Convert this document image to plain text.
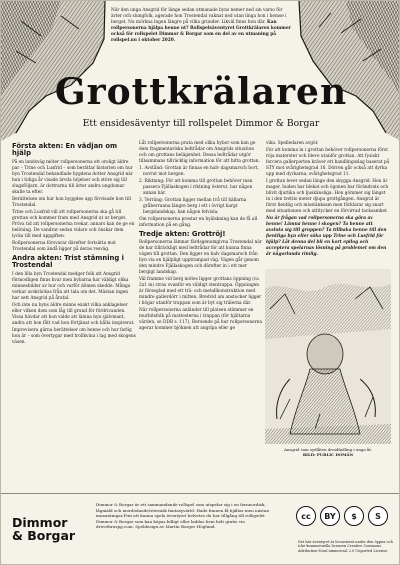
När den unga Ansgrid för länge sedan utmanade byns nemer ned sin varso för ärter och slungfolk, agerade hon Trostendal vaknat ned utan linga hon i hemse i berget. Nu mörkna ingen längre på vilka grunder. Likväl finns hon där. Kan rollpersonerna hjälpa henne ut? Rollspelsäventyret Grottkrälaren kommer också för rollspelet Dimmor & Borgar som en del av en utmaning på rollspel.nu i oktober 2020.
Grottkrälaren
Ett ensidesäventyr till rollspelet Dimmor & Borgar
Första akten: En vädjan om hjälp

På en landsväg möter rollpersonerna ett oroligt äldre par – Trine och Lusfrid – som berättar historien om hur byn Trostendal behandlade bygdens dotter Ansgrid när hon i tidiga år visade ärvda höjelser och störe sig till slugsföljarn, är dottrarna till ärter andra ungdomar skulle ta efter.

Berättelsen om hur hon byggdes upp förvisade hon till Trostendal.

Trine och Lusfrid vill att rollpersonerna ska gå till grottan och kommer fram med Ansgrid ut ur berget. Pröva tid att rollpersonerna tvekar, annars kan de ge en belöning. De vandrar sedan vidare och önskar dem lycka till med uppgiften.

Rollpersonerna försvarar därefter fortsätta mot Trostendal som ändå ligger på deras resväg.

Andra akten: Trist stämning i Trostendal

I den lilla byn Trostendal medger folk att Ansgrid förmodligen finns kvar men bybarna har väldigt olika minnesbilder av hur och varför dömen skedde. Många verkar avskräckas från att tala om det. Mästan ingen har sett Ansgrid på åratal.

Och inte nu byns äldre minns exakt vilka anklagelser eller vilken dom som låg till grund för fördrivanden. Vissa hävdar att hon valde att lämna byn självmant, andra att hon fått vad hon förtjänat och hålla inspirerat.

Improvisera gärna berättelser om henne och hur farlig hon är – som övertygar med trollkvina i lag med skogens väsen.

Låt rollpersonerna prata med olika bybor som kan ge dem fragmentariska ledtrådar om Ansgrids situation och om grottans belägenhet. Dessa ledtrådar utgör tillsammans tillräcklig information för att hitta grottan.

1. Avstånd: Grottan är finnas en halv dagsmarsch bort, norrut mot bergen.

2. Riktning: För att komma till grottan behöver man passera Fjällaskogen i riktning österut, bar någon annan här.

3. Terräng: Grottan ligger mellan två till hällarna gråberranna längre berg i ett i övrigt kargt bergslandskap, kan någon felvisla.

Om rollpersonerna prestar en byälskning kan de få all information på en gång.

Tredje akten: Grottröj!

Rollpersonerna lämnar färdsgenomgivna Trostendal när de har tillräckligt med ledtrådar för att kunna finna vägen till grottan. Den ligger en halv dagsmarsch från byn via en hjälpligt upptrampad väg. Vägen går genom den mindre Fjällaskogen och därefter in i ett mer bergigt landskap.

Väl framme vid berg mötes ligger grottans öppning (ca 2x1 m) strax ovanför en väldigt stentrappa. Öppningen är förseglad med ett trä- och metallkonstruktion med mindre gallerdörr i mitten. Bredvid am anstocker ligger i högar utanför trappan som är byt sig trälerna där.

När rollpersonerna anländer till platsen stämmer en murbitsfolk på mattesterna i trappan (för hjältarna värden, se DDB s. 117). Beroende på hur rollpersonerna agerar kommer bjöknen att angripa eller ge

vika. Spelledaren avgör.

För att komma in i grottan behöver rollpersonerna först röja materster och bleve utanför grottan. Att fysiskt forcera gallerporten kräver ett handlingsslag baserat på STY mot svårighetsgrad 16. Dörren går också att dyrka upp med dyrkarna, svårighetsgrad 11.

I grottan lever sedan länge den skygga Ansgrid. Hon är mager, huden har blekat och ögonen har förändrats och blivit djurlika och ljuskänsliga. Hon gömmer sig längst in i den trettio meter djupa grottgången. Ansgrid är först fientlig och misstänksam men förklarar sig snart med situationen och attitycker en förvirrad tacksamhet.

Nu är frågan vad rollpersonerna ska göra av henne! Lämna henne i skogen? Ta henne att avsluta sig till gruppen? Ta tillbaka henne till den fientliga byn eller söka upp Trine och Lusfrid för hjälp? Låt denna del bli en kort epilog och acceptera spelarnas lösning på problemet om den är någorlunda rimlig.

Ansgrid som sydlåten druidfadling i unga år.
BILD: PUBLIC DOMÄN
Dimmor
& Borgar
Dimmor & Borgar är ett sammandande rollspel som utspelar sig i en fornnordisk, lågmäld och mordödande/sternisk fantasyvärld. Hade funnen få hjältar men nästan inneantingar.Fint att kunna spela äventyret helvetes du har tillgång till rollspelet Dimmor & Borgar som kan köpas billigt eller laddas hem helt gratis via drivethrurpg.com. Speldesign av Martin Borger Höglund.
cc	BY	$	S
Det här äventyret är licensierat under den öppna och icke-kommersiella licensen Creative Commons Attribution-NonCommercial 2.0 Unported License.
